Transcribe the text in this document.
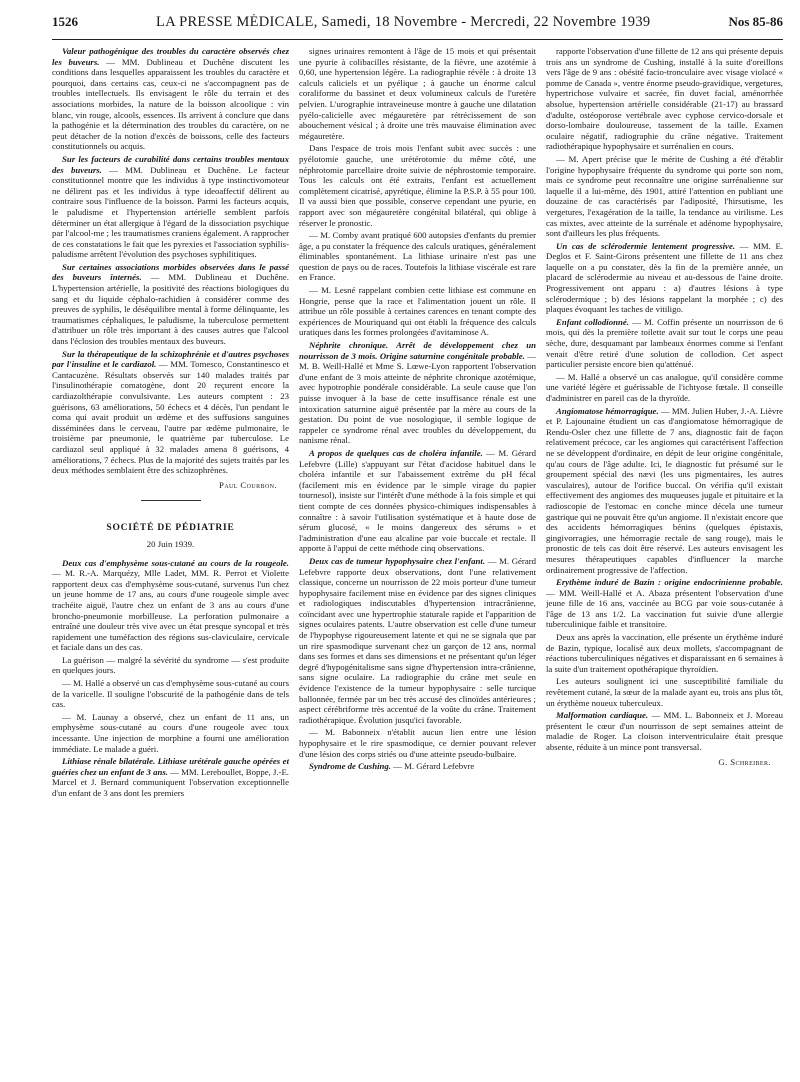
1526	LA PRESSE MÉDICALE, Samedi, 18 Novembre - Mercredi, 22 Novembre 1939	Nos 85-86

Valeur pathogénique des troubles du caractère observés chez les buveurs. — MM. Dublineau et Duchêne discutent les conditions dans lesquelles apparaissent les troubles du caractère et pourquoi, dans certains cas, ceux-ci ne s'accompagnent pas de troubles intellectuels. Ils envisagent le rôle du terrain et des associations morbides, la nature de la boisson alcoolique : vin blanc, vin rouge, alcools, essences. Ils arrivent à conclure que dans la pathogénie et la détermination des troubles du caractère, on ne peut détacher de la notion d'excès de boissons, celle des facteurs constitutionnels ou acquis.

Sur les facteurs de curabilité dans certains troubles mentaux des buveurs. — MM. Dublineau et Duchêne. Le facteur constitutionnel montre que les individus à type instinctivomoteur ne délirent pas et les individus à type ideoaffectif délirent au contraire sous l'influence de la boisson. Parmi les facteurs acquis, le paludisme et l'hypertension artérielle semblent parfois déterminer un état allergique à l'égard de la dissociation psychique par l'alcool-me ; les traumatismes craniens également. A rapprocher de ces constatations le fait que les pyrexies et l'association syphilis-paludisme arrêtent l'évolution des psychoses syphilitiques.

Sur certaines associations morbides observées dans le passé des buveurs internés. — MM. Dublineau et Duchêne. L'hypertension artérielle, la positivité des réactions biologiques du sang et du liquide céphalo-rachidien à considérer comme des preuves de syphilis, le déséquilibre mental à forme délinquante, les traumatismes céphaliques, le paludisme, la tuberculose permettent d'attribuer un rôle très important à des causes autres que l'alcool dans l'éclosion des troubles mentaux des buveurs.

Sur la thérapeutique de la schizophrénie et d'autres psychoses par l'insuline et le cardiazol. — MM. Tomesco, Constantinesco et Cantacuzène. Résultats observés sur 140 malades traités par l'insulinothérapie comatogène, dont 20 reçurent encore la cardiazolthérapie convulsivante. Les auteurs comptent : 23 guérisons, 63 améliorations, 50 échecs et 4 décès, l'un pendant le coma qui avait produit un œdème et des suffusions sanguines disséminées dans le cerveau, l'autre par œdème pulmonaire, le troisième par pneumonie, le quatrième par tuberculose. Le cardiazol seul appliqué à 32 malades amena 8 guérisons, 4 améliorations, 7 échecs. Plus de la majorité des sujets traités par les deux méthodes semblaient être des schizophrènes.

Paul Courbon.

SOCIÉTÉ DE PÉDIATRIE

20 Juin 1939.

Deux cas d'emphysème sous-cutané au cours de la rougeole. — M. R.-A. Marquézy, Mlle Ladet, MM. R. Perrot et Violette rapportent deux cas d'emphysème sous-cutané, survenus l'un chez un jeune homme de 17 ans, au cours d'une rougeole simple avec trachéite aiguë, l'autre chez un enfant de 3 ans au cours d'une broncho-pneumonie morbilleuse. La perforation pulmonaire a entraîné une douleur très vive avec un état presque syncopal et très rapidement une tuméfaction des régions sus-claviculaire, cervicale et faciale dans un des cas.

La guérison — malgré la sévérité du syndrome — s'est produite en quelques jours.

— M. Hallé a observé un cas d'emphysème sous-cutané au cours de la varicelle. Il souligne l'obscurité de la pathogénie dans de tels cas.

— M. Launay a observé, chez un enfant de 11 ans, un emphysème sous-cutané au cours d'une rougeole avec toux incessante. Une injection de morphine a fourni une amélioration immédiate. Le malade a guéri.

Lithiase rénale bilatérale. Lithiase urétérale gauche opérées et guéries chez un enfant de 3 ans. — MM. Lereboullet, Boppe, J.-E. Marcel et J. Bernard communiquent l'observation exceptionnelle d'un enfant de 3 ans dont les premiers

signes urinaires remontent à l'âge de 15 mois et qui présentait une pyurie à colibacilles résistante, de la fièvre, une azotémie à 0,60, une hypertension légère. La radiographie révèle : à droite 13 calculs caliciels et un pyélique ; à gauche un énorme calcul coraliforme du bassinet et deux volumineux calculs de l'uretère pelvien. L'urographie intraveineuse montre à gauche une dilatation pyélo-calicielle avec mégauretère par rétrécissement de son abouchement vésical ; à droite une très mauvaise élimination avec mégauretère.

Dans l'espace de trois mois l'enfant subit avec succès : une pyélotomie gauche, une urétérotomie du même côté, une néphrotomie parcellaire droite suivie de néphrostomie temporaire. Tous les calculs ont été extraits, l'enfant est actuellement complètement cicatrisé, apyrétique, élimine la P.S.P. à 55 pour 100. Il va aussi bien que possible, conserve cependant une pyurie, en rapport avec son mégauretère congénital bilatéral, qui oblige à réserver le pronostic.

— M. Comby avant pratiqué 600 autopsies d'enfants du premier âge, a pu constater la fréquence des calculs uratiques, généralement éliminables spontanément. La lithiase urinaire n'est pas une question de pays ou de races. Toutefois la lithiase viscérale est rare en France.

— M. Lesné rappelant combien cette lithiase est commune en Hongrie, pense que la race et l'alimentation jouent un rôle. Il attribue un rôle possible à certaines carences en tenant compte des expériences de Mouriquand qui ont établi la fréquence des calculs uratiques dans les formes prolongées d'avitaminose A.

Néphrite chronique. Arrêt de développement chez un nourrisson de 3 mois. Origine saturnine congénitale probable. — M. B. Weill-Hallé et Mme S. Lœwe-Lyon rapportent l'observation d'une enfant de 3 mois atteinte de néphrite chronique azotémique, avec hypotrophie pondérale considérable. La seule cause que l'on puisse invoquer à la base de cette insuffisance rénale est une intoxication saturnine aiguë présentée par la mère au cours de la gestation. Du point de vue nosologique, il semble logique de rappeler ce syndrome rénal avec troubles du développement, du nanisme rénal.

A propos de quelques cas de choléra infantile. — M. Gérard Lefebvre (Lille) s'appuyant sur l'état d'acidose habituel dans le choléra infantile et sur l'abaissement extrême du pH fécal (facilement mis en évidence par le simple virage du papier tournesol), insiste sur l'intérêt d'une méthode à la fois simple et qui tient compte de ces données physico-chimiques indispensables à connaître : à savoir l'utilisation systématique et à haute dose de sérum glucosé, « le moins dangereux des sérums » et l'administration d'une eau alcaline par voie buccale et rectale. Il apporte à l'appui de cette méthode cinq observations.

Deux cas de tumeur hypophysaire chez l'enfant. — M. Gérard Lefebvre rapporte deux observations, dont l'une relativement classique, concerne un nourrisson de 22 mois porteur d'une tumeur hypophysaire facilement mise en évidence par des signes cliniques et radiologiques indiscutables d'hypertension intracrânienne, coïncidant avec une hypertrophie staturale rapide et l'apparition de signes oculaires patents. L'autre observation est celle d'une tumeur de l'hypophyse rigoureusement latente et qui ne se signala que par un rire spasmodique survenant chez un garçon de 12 ans, normal dans ses formes et dans ses dimensions et ne présentant qu'un léger degré d'hypogénitalisme sans signe d'hypertension intra-crânienne, sans signe oculaire. La radiographie du crâne met seule en évidence l'existence de la tumeur hypophysaire : selle turcique ballonnée, fermée par un bec très accusé des clinoïdes antérieures ; aspect cérébriforme très accentué de la voûte du crâne. Traitement radiothérapique. Évolution jusqu'ici favorable.

— M. Babonneix n'établit aucun lien entre une lésion hypophysaire et le rire spasmodique, ce dernier pouvant relever d'une lésion des corps striés ou d'une atteinte pseudo-bulbaire.

Syndrome de Cushing. — M. Gérard Lefebvre

rapporte l'observation d'une fillette de 12 ans qui présente depuis trois ans un syndrome de Cushing, installé à la suite d'oreillons vers l'âge de 9 ans : obésité facio-tronculaire avec visage violacé « pomme de Canada », ventre énorme pseudo-gravidique, vergetures, hypertrichose vulvaire et sacrée, fin duvet facial, aménorrhée absolue, hypertension artérielle considérable (21-17) au brassard d'adulte, ostéoporose vertébrale avec cyphose cervico-dorsale et dorso-lombaire douloureuse, tassement de la taille. Examen oculaire négatif, radiographie du crâne négative. Traitement radiothérapique hypophysaire et surrénalien en cours.

— M. Apert précise que le mérite de Cushing a été d'établir l'origine hypophysaire fréquente du syndrome qui porte son nom, mais ce syndrome peut reconnaître une origine surrénalienne sur laquelle il a lui-même, dès 1901, attiré l'attention en publiant une douzaine de cas caractérisés par l'adiposité, l'hirsutisme, les vergetures, l'exagération de la taille, la tendance au virilisme. Les cas mixtes, avec atteinte de la surrénale et adénome hypophysaire, sont d'ailleurs les plus fréquents.

Un cas de sclérodermie lentement progressive. — MM. E. Deglos et F. Saint-Girons présentent une fillette de 11 ans chez laquelle on a pu constater, dès la fin de la première année, un placard de sclérodermie au niveau et au-dessous de l'aine droite. Progressivement ont apparu : a) d'autres lésions à type sclérodermique ; b) des lésions rappelant la morphée ; c) des plaques évoquant les taches de vitiligo.

Enfant collodionné. — M. Coffin présente un nourrisson de 6 mois, qui dès la première toilette avait sur tout le corps une peau sèche, dure, desquamant par lambeaux énormes comme si l'enfant venait d'être retiré d'une solution de collodion. Cet aspect particulier persiste encore bien qu'atténué.

— M. Hallé a observé un cas analogue, qu'il considère comme une variété légère et guérissable de l'ichtyose fœtale. Il conseille d'administrer en pareil cas de la thyroïde.

Angiomatose hémorragique. — MM. Julien Huber, J.-A. Lièvre et P. Lajounaine étudient un cas d'angiomatose hémorragique de Rendu-Osler chez une fillette de 7 ans, diagnostic fait de façon relativement précoce, car les angiomes qui caractérisent l'affection ne se développent d'ordinaire, en dépit de leur origine congénitale, qu'au cours de l'âge adulte. Ici, le diagnostic fut présumé sur le groupement spécial des nævi (les uns pigmentaires, les autres vasculaires), autour de l'orifice buccal. On vérifia qu'il existait effectivement des angiomes des muqueuses jugale et pituitaire et la radioscopie de l'estomac en conche mince décela une tumeur gastrique qui ne pouvait être qu'un angiome. Il n'existait encore que des accidents hémorragiques bénins (quelques épistaxis, gingivorragies, une hémorragie rectale de sang rouge), mais le pronostic de tels cas doit être réservé. Les auteurs envisagent les mesures thérapeutiques capables d'influencer la marche ordinairement progressive de l'affection.

Erythème induré de Bazin : origine endocrinienne probable. — MM. Weill-Hallé et A. Abaza présentent l'observation d'une jeune fille de 16 ans, vaccinée au BCG par voie sous-cutanée à l'âge de 13 ans 1/2. La vaccination fut suivie d'une allergie tuberculinique faible et transitoire.

Deux ans après la vaccination, elle présente un érythème induré de Bazin, typique, localisé aux deux mollets, s'accompagnant de réactions tuberculiniques négatives et disparaissant en 6 semaines à la suite d'un traitement opothérapique thyroïdien.

Les auteurs soulignent ici une susceptibilité familiale du revêtement cutané, la sœur de la malade ayant eu, trois ans plus tôt, un érythème noueux tuberculeux.

Malformation cardiaque. — MM. L. Babonneix et J. Moreau présentent le cœur d'un nourrisson de sept semaines atteint de maladie de Roger. La cloison interventriculaire était presque absente, réduite à un mince pont transversal.

G. Schreiber.
